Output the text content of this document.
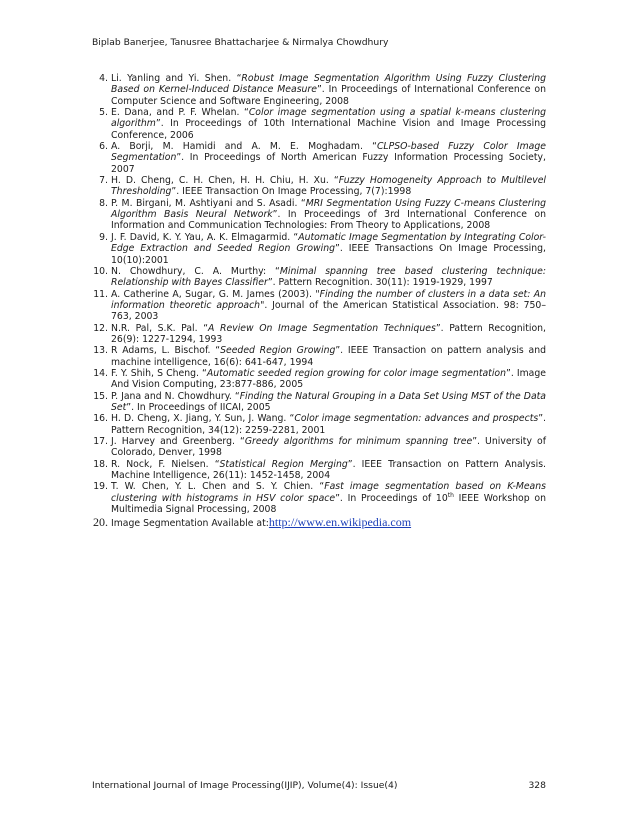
Biplab Banerjee, Tanusree Bhattacharjee & Nirmalya Chowdhury
4. Li. Yanling and Yi. Shen. “Robust Image Segmentation Algorithm Using Fuzzy Clustering Based on Kernel-Induced Distance Measure”. In Proceedings of International Conference on Computer Science and Software Engineering, 2008
5. E. Dana, and P. F. Whelan. “Color image segmentation using a spatial k-means clustering algorithm”. In Proceedings of 10th International Machine Vision and Image Processing Conference, 2006
6. A. Borji, M. Hamidi and A. M. E. Moghadam. “CLPSO-based Fuzzy Color Image Segmentation”. In Proceedings of North American Fuzzy Information Processing Society, 2007
7. H. D. Cheng, C. H. Chen, H. H. Chiu, H. Xu. “Fuzzy Homogeneity Approach to Multilevel Thresholding”. IEEE Transaction On Image Processing, 7(7):1998
8. P. M. Birgani, M. Ashtiyani and S. Asadi. “MRI Segmentation Using Fuzzy C-means Clustering Algorithm Basis Neural Network”. In Proceedings of 3rd International Conference on Information and Communication Technologies: From Theory to Applications, 2008
9. J. F. David, K. Y. Yau, A. K. Elmagarmid. “Automatic Image Segmentation by Integrating Color-Edge Extraction and Seeded Region Growing”. IEEE Transactions On Image Processing, 10(10):2001
10. N. Chowdhury, C. A. Murthy: “Minimal spanning tree based clustering technique: Relationship with Bayes Classifier”. Pattern Recognition. 30(11): 1919-1929, 1997
11. A. Catherine A, Sugar, G. M. James (2003). "Finding the number of clusters in a data set: An information theoretic approach". Journal of the American Statistical Association. 98: 750–763, 2003
12. N.R. Pal, S.K. Pal. “A Review On Image Segmentation Techniques”. Pattern Recognition, 26(9): 1227-1294, 1993
13. R Adams, L. Bischof. “Seeded Region Growing”. IEEE Transaction on pattern analysis and machine intelligence, 16(6): 641-647, 1994
14. F. Y. Shih, S Cheng. “Automatic seeded region growing for color image segmentation”. Image And Vision Computing, 23:877-886, 2005
15. P. Jana and N. Chowdhury. “Finding the Natural Grouping in a Data Set Using MST of the Data Set”. In Proceedings of IICAI, 2005
16. H. D. Cheng, X. Jiang, Y. Sun, J. Wang. “Color image segmentation: advances and prospects”. Pattern Recognition, 34(12): 2259-2281, 2001
17. J. Harvey and Greenberg. “Greedy algorithms for minimum spanning tree”. University of Colorado, Denver, 1998
18. R. Nock, F. Nielsen. “Statistical Region Merging”. IEEE Transaction on Pattern Analysis. Machine Intelligence, 26(11): 1452-1458, 2004
19. T. W. Chen, Y. L. Chen and S. Y. Chien. “Fast image segmentation based on K-Means clustering with histograms in HSV color space”. In Proceedings of 10th IEEE Workshop on Multimedia Signal Processing, 2008
20. Image Segmentation Available at:http://www.en.wikipedia.com
International Journal of Image Processing(IJIP), Volume(4): Issue(4)	328
